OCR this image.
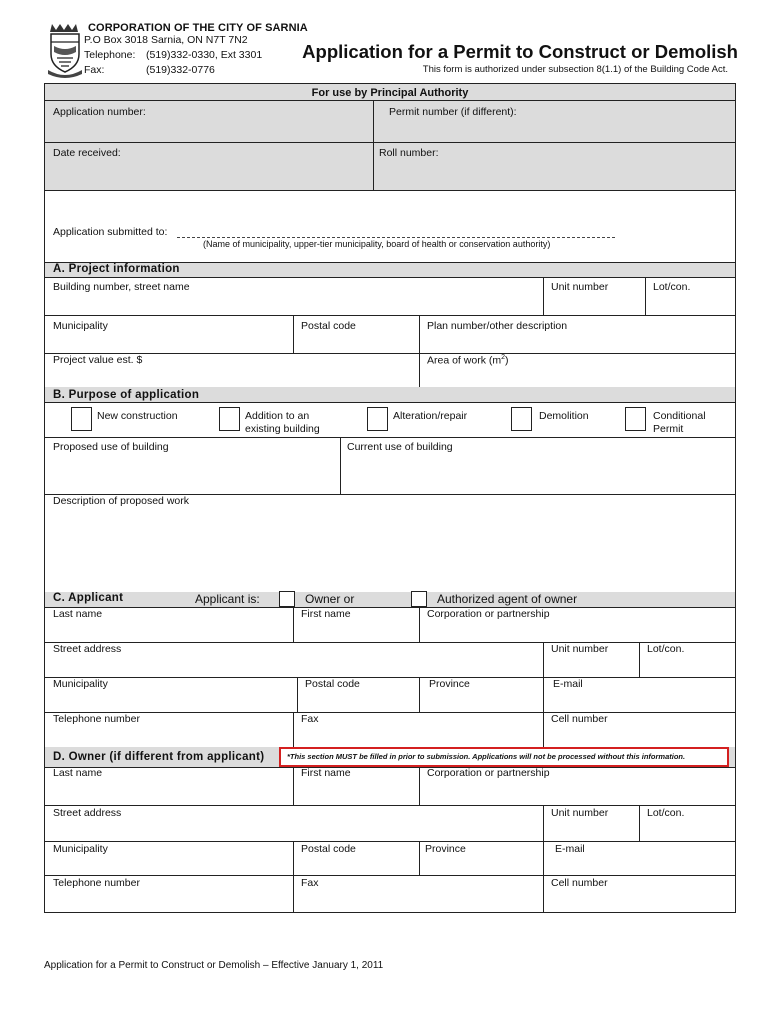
CORPORATION OF THE CITY OF SARNIA
P.O Box 3018 Sarnia, ON N7T 7N2
Telephone: (519)332-0330, Ext 3301
Fax:	(519)332-0776
Application for a Permit to Construct or Demolish
This form is authorized under subsection 8(1.1) of the Building Code Act.
For use by Principal Authority
Application number:	Permit number (if different):
Date received:	Roll number:
Application submitted to:
(Name of municipality, upper-tier municipality, board of health or conservation authority)
A. Project information
Building number, street name	Unit number	Lot/con.
Municipality	Postal code	Plan number/other description
Project value est. $	Area of work $(m^2)$
B. Purpose of application
New construction	Addition to an existing building
Alteration/repair	Demolition	Conditional Permit
Proposed use of building	Current use of building
Description of proposed work
C. Applicant	Applicant is:	Owner or	Authorized agent of owner
Last name	First name	Corporation or partnership
Street address	Unit number	Lot/con.
Municipality	Postal code	Province	E-mail
Telephone number	Fax	Cell number
D. Owner (if different from applicant)	*This section MUST be filled in prior to submission. Applications will not be processed without this information.
Last name	First name	Corporation or partnership
Street address	Unit number	Lot/con.
Municipality	Postal code	Province	E-mail
Telephone number	Fax	Cell number
Application for a Permit to Construct or Demolish – Effective January 1, 2011
